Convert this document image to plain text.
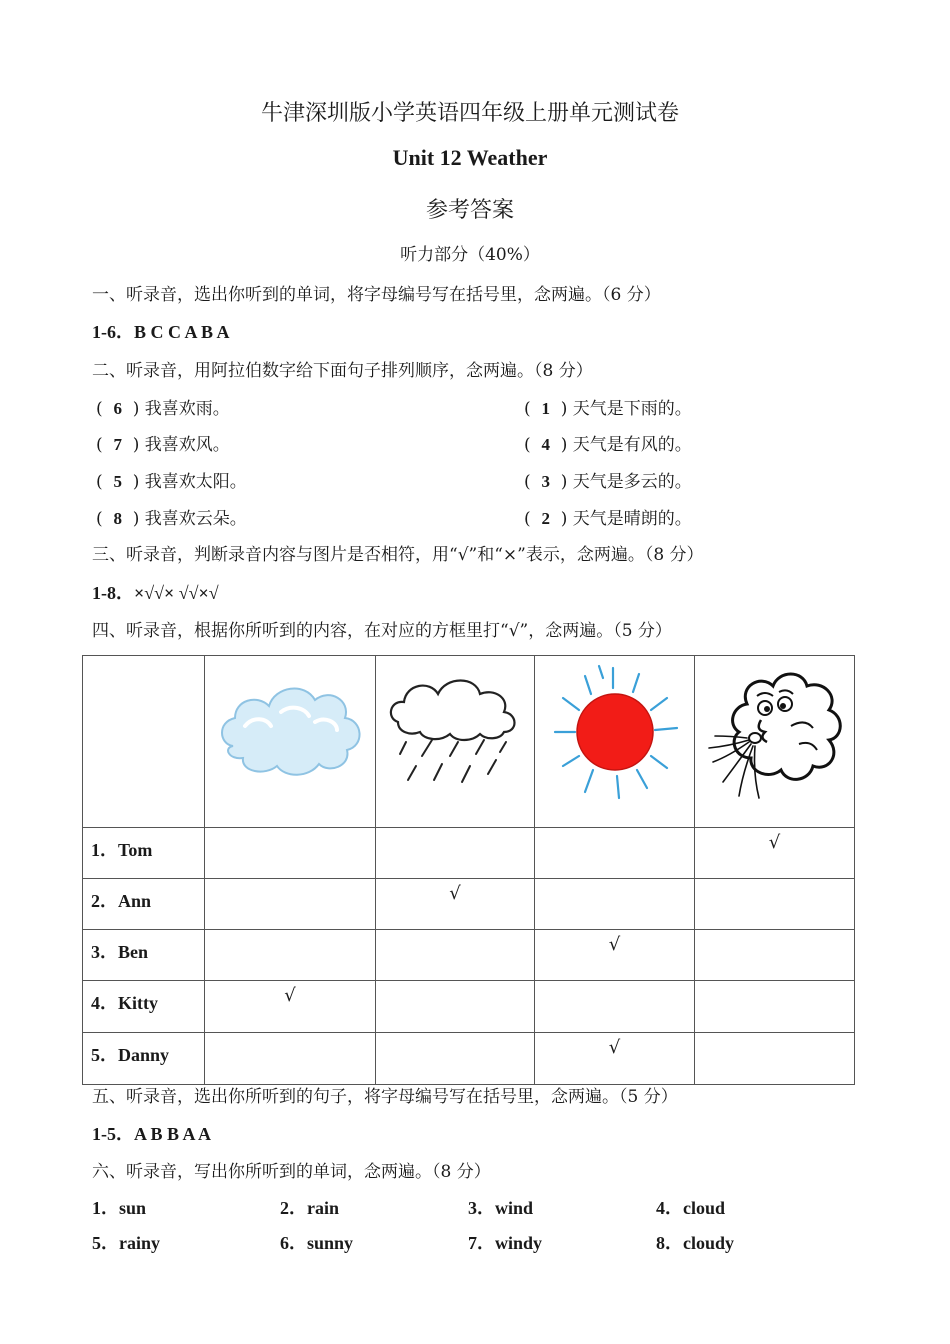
牛津深圳版小学英语四年级上册单元测试卷
Unit 12 Weather
参考答案
听力部分（40%）
一、听录音，选出你听到的单词，将字母编号写在括号里，念两遍。（6 分）
1-6．B C C A B A
二、听录音，用阿拉伯数字给下面句子排列顺序，念两遍。（8 分）
(  6  ) 我喜欢雨。
(  7  ) 我喜欢风。
(  5  ) 我喜欢太阳。
(  8  ) 我喜欢云朵。
(  1  ) 天气是下雨的。
(  4  ) 天气是有风的。
(  3  ) 天气是多云的。
(  2  ) 天气是晴朗的。
三、听录音，判断录音内容与图片是否相符，用“√”和“×”表示，念两遍。（8 分）
1-8．×√√× √√×√
四、听录音，根据你所听到的内容，在对应的方框里打“√”，念两遍。（5 分）

1．Tom				√
2．Ann		√		
3．Ben			√	
4．Kitty	√			
5．Danny			√	
五、听录音，选出你所听到的句子，将字母编号写在括号里，念两遍。（5 分）
1-5．A B B A A
六、听录音，写出你所听到的单词，念两遍。（8 分）
1．sun	2．rain	3．wind	4．cloud
5．rainy	6．sunny	7．windy	8．cloudy
